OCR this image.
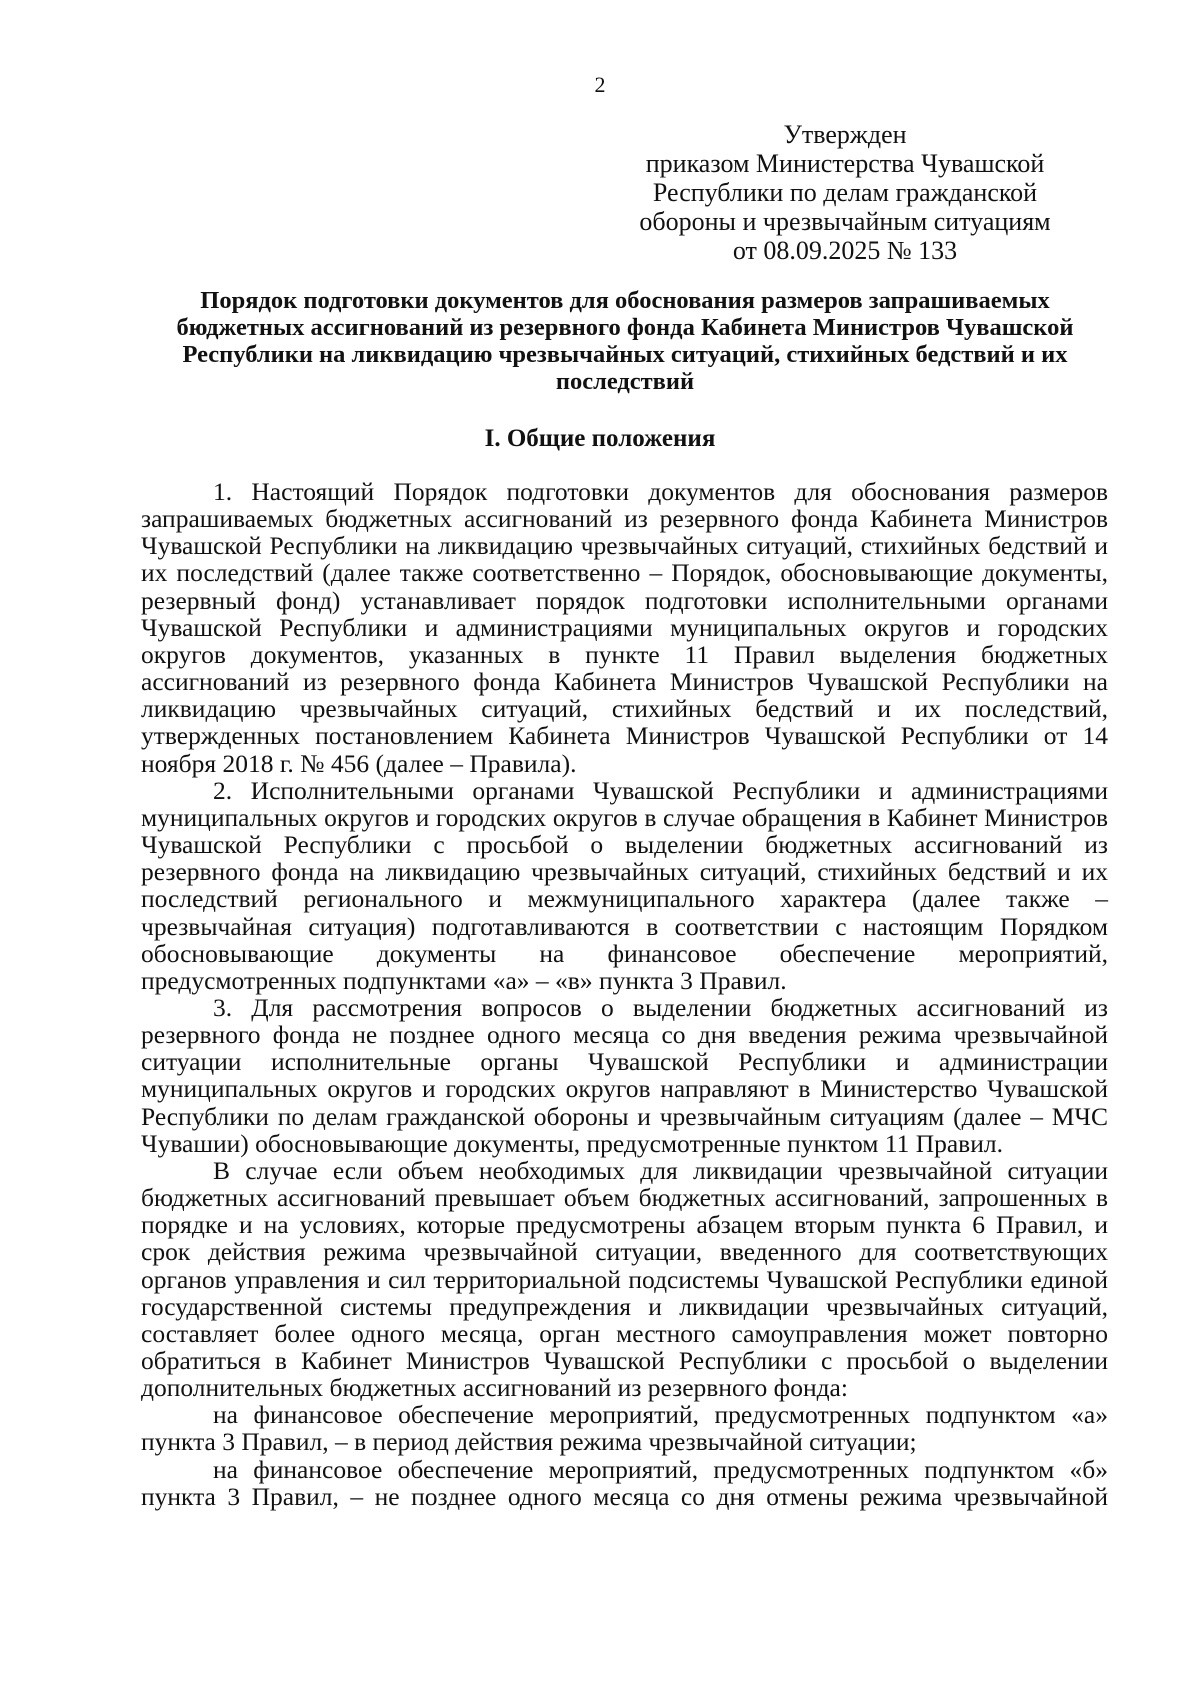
2
Утвержден
приказом Министерства Чувашской
Республики по делам гражданской
обороны и чрезвычайным ситуациям
от 08.09.2025 № 133
Порядок подготовки документов для обоснования размеров запрашиваемых
бюджетных ассигнований из резервного фонда Кабинета Министров Чувашской
Республики на ликвидацию чрезвычайных ситуаций, стихийных бедствий и их
последствий
I. Общие положения

1. Настоящий Порядок подготовки документов для обоснования размеров запрашиваемых бюджетных ассигнований из резервного фонда Кабинета Министров Чувашской Республики на ликвидацию чрезвычайных ситуаций, стихийных бедствий и их последствий (далее также соответственно – Порядок, обосновывающие документы, резервный фонд) устанавливает порядок подготовки исполнительными органами Чувашской Республики и администрациями муниципальных округов и городских округов документов, указанных в пункте 11 Правил выделения бюджетных ассигнований из резервного фонда Кабинета Министров Чувашской Республики на ликвидацию чрезвычайных ситуаций, стихийных бедствий и их последствий, утвержденных постановлением Кабинета Министров Чувашской Республики от 14 ноября 2018 г. № 456 (далее – Правила).

2. Исполнительными органами Чувашской Республики и администрациями муниципальных округов и городских округов в случае обращения в Кабинет Министров Чувашской Республики с просьбой о выделении бюджетных ассигнований из резервного фонда на ликвидацию чрезвычайных ситуаций, стихийных бедствий и их последствий регионального и межмуниципального характера (далее также – чрезвычайная ситуация) подготавливаются в соответствии с настоящим Порядком обосновывающие документы на финансовое обеспечение мероприятий, предусмотренных подпунктами «а» – «в» пункта 3 Правил.

3. Для рассмотрения вопросов о выделении бюджетных ассигнований из резервного фонда не позднее одного месяца со дня введения режима чрезвычайной ситуации исполнительные органы Чувашской Республики и администрации муниципальных округов и городских округов направляют в Министерство Чувашской Республики по делам гражданской обороны и чрезвычайным ситуациям (далее – МЧС Чувашии) обосновывающие документы, предусмотренные пунктом 11 Правил.

В случае если объем необходимых для ликвидации чрезвычайной ситуации бюджетных ассигнований превышает объем бюджетных ассигнований, запрошенных в порядке и на условиях, которые предусмотрены абзацем вторым пункта 6 Правил, и срок действия режима чрезвычайной ситуации, введенного для соответствующих органов управления и сил территориальной подсистемы Чувашской Республики единой государственной системы предупреждения и ликвидации чрезвычайных ситуаций, составляет более одного месяца, орган местного самоуправления может повторно обратиться в Кабинет Министров Чувашской Республики с просьбой о выделении дополнительных бюджетных ассигнований из резервного фонда:

на финансовое обеспечение мероприятий, предусмотренных подпунктом «а» пункта 3 Правил, – в период действия режима чрезвычайной ситуации;

на финансовое обеспечение мероприятий, предусмотренных подпунктом «б» пункта 3 Правил, – не позднее одного месяца со дня отмены режима чрезвычайной
